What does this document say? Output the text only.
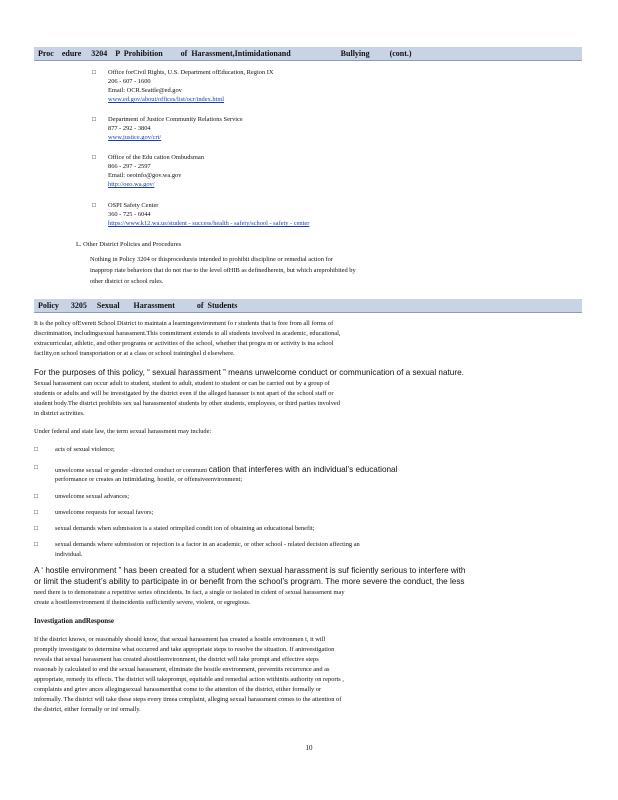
Proc    edure     3204    P  Prohibition         of  Harassment,Intimidationand                         Bullying          (cont.)
□ Office forCivil Rights, U.S. Department ofEducation, Region IX
206 - 607 - 1600
Email: OCR.Seattle@ed.gov
www.ed.gov/about/offices/list/ocr/index.html
□ Department of Justice Community Relations Service
877 - 292 - 3804
www.justice.gov/crt/
□ Office of the Edu cation Ombudsman
866 - 297 - 2597
Email: oeoinfo@gov.wa.gov
http://oeo.wa.gov/
□ OSPI Safety Center
360 - 725 - 6044
https://www.k12.wa.us/student - success/health - safety/school - safety - center
L. Other District Policies and Procedures
Nothing in Policy 3204 or thisprocedureis intended to prohibit discipline or remedial action for
inapprop riate behaviors that do not rise to the level ofHIB as definedherein, but which areprohibited by
other district or school rules.
Policy      3205     Sexual       Harassment           of  Students
It is the policy ofEverett School District to maintain a learningenvironment fo r students that is free from all forms of
discrimination, includingsexual harassment.This commitment extends to all students involved in academic, educational,
extracurricular, athletic, and other programs or activities of the school, whether that progra m or activity is ina school
facility,on school transportation or at a class or school traininghel d elsewhere.
For the purposes of this policy, “ sexual harassment ” means unwelcome conduct or communication of a sexual nature.
Sexual harassment can occur adult to student, student to adult, student to student or can be carried out by a group of
students or adults and will be investigated by the district even if the alleged harasser is not apart of the school staff or
student body.The district prohibits sex ual harassmentof students by other students, employees, or third parties involved
in district activities.
Under federal and state law, the term sexual harassment may include:
□	acts of sexual violence;
□	unwelcome sexual or gender -directed conduct or communi cation that interferes with an individual’s educational
performance or creates an intimidating, hostile, or offensiveenvironment;
□	unwelcome sexual advances;
□	unwelcome requests for sexual favors;
□	sexual demands when submission is a stated orimplied condit ion of obtaining an educational benefit;
□	sexual demands where submission or rejection is a factor in an academic, or other school - related decision affecting an
individual.
A ‘ hostile environment ” has been created for a student when sexual harassment is suf ficiently serious to interfere with
or limit the student’s ability to participate in or benefit from the school’s program. The more severe the conduct, the less
need there is to demonstrate a repetitive series ofincidents. In fact, a single or isolated in cident of sexual harassment may
create a hostileenvironment if theincidentis sufficiently severe, violent, or egregious.
Investigation andResponse
If the district knows, or reasonably should know, that sexual harassment has created a hostile environmen t, it will
promptly investigate to determine what occurred and take appropriate steps to resolve the situation. If aninvestigation
reveals that sexual harassment has created ahostileenvironment, the district will take prompt and effective steps
reasonab ly calculated to end the sexual harassment, eliminate the hostile environment, preventits recurrence and as
appropriate, remedy its effects. The district will takeprompt, equitable and remedial action withinits authority on reports ,
complaints and griev ances allegingsexual harassmentthat come to the attention of the district, either formally or
informally. The district will take these steps every timea complaint, alleging sexual harassment comes to the attention of
the district, either formally or inf ormally.
10
